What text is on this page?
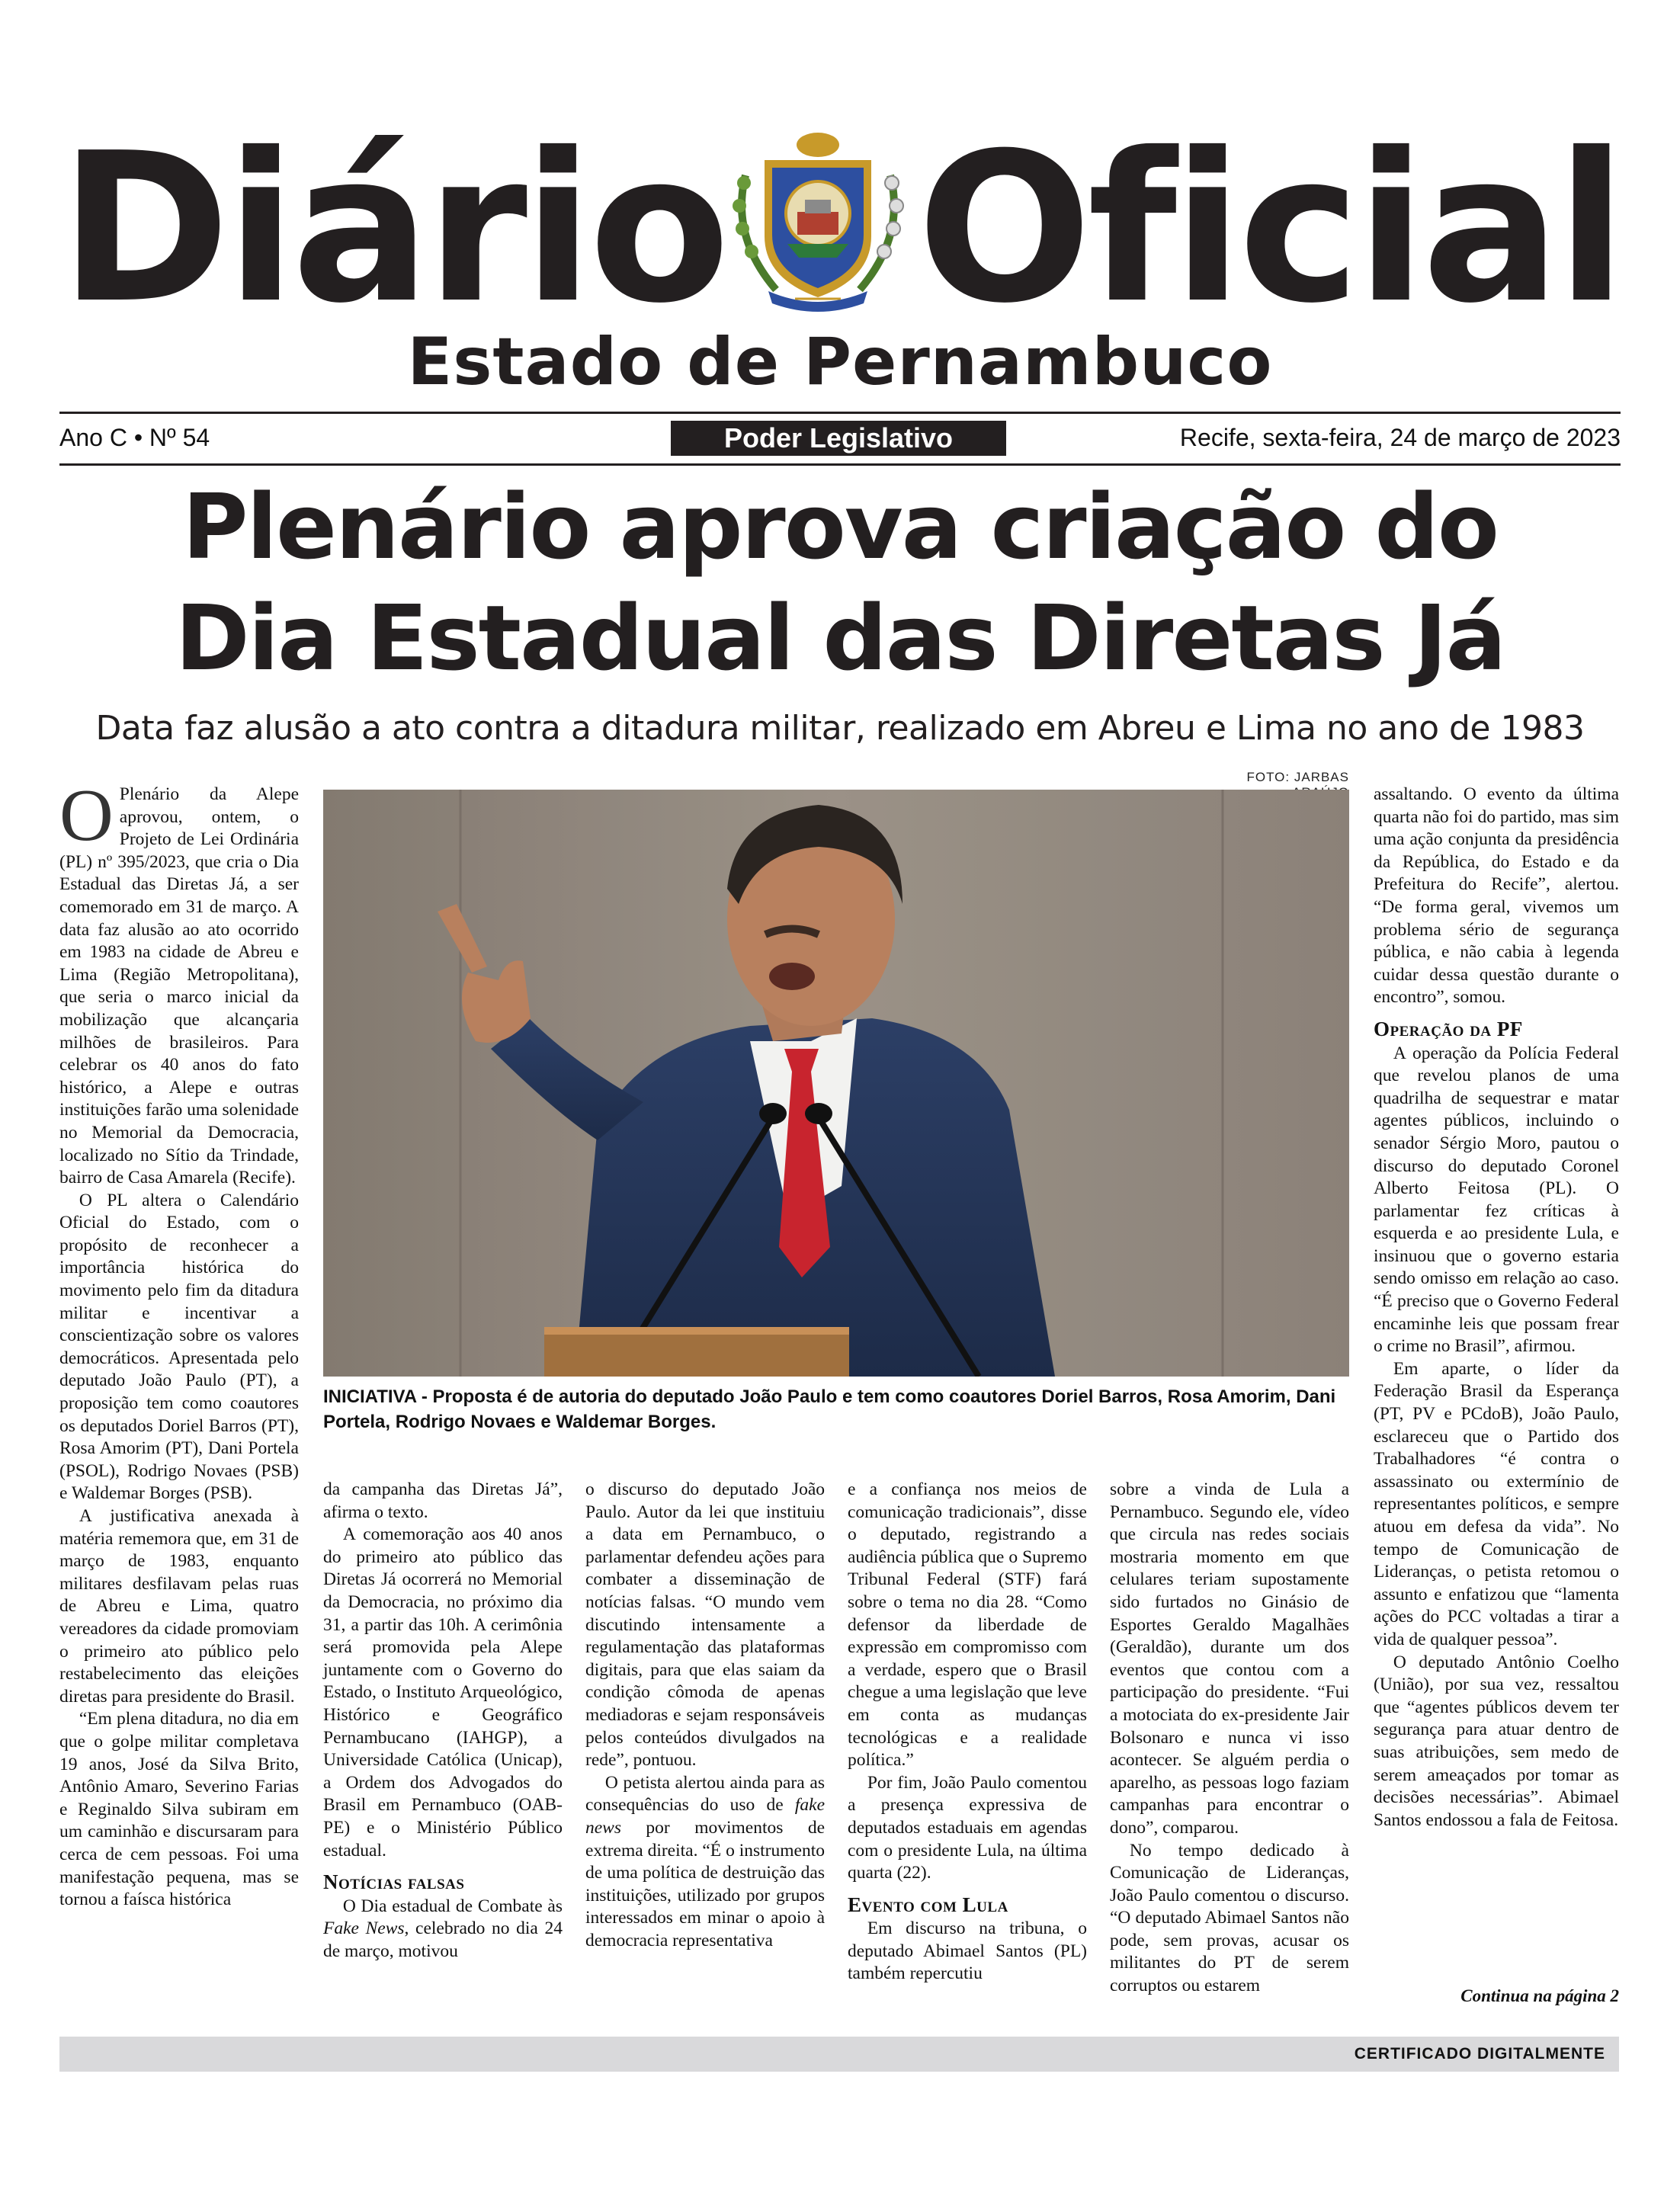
Diário Oficial
Estado de Pernambuco
Ano C • Nº 54	Poder Legislativo	Recife, sexta-feira, 24 de março de 2023
Plenário aprova criação do
Dia Estadual das Diretas Já
Data faz alusão a ato contra a ditadura militar, realizado em Abreu e Lima no ano de 1983
FOTO: JARBAS
INICIATIVA - Proposta é de autoria do deputado João Paulo e tem como coautores Doriel Barros, Rosa Amorim, Dani Portela, Rodrigo Novaes e Waldemar Borges.

O Plenário da Alepe aprovou, ontem, o Projeto de Lei Ordinária (PL) nº 395/2023, que cria o Dia Estadual das Diretas Já, a ser comemorado em 31 de março. A data faz alusão ao ato ocorrido em 1983 na cidade de Abreu e Lima (Região Metropolitana), que seria o marco inicial da mobilização que alcançaria milhões de brasileiros. Para celebrar os 40 anos do fato histórico, a Alepe e outras instituições farão uma solenidade no Memorial da Democracia, localizado no Sítio da Trindade, bairro de Casa Amarela (Recife).

O PL altera o Calendário Oficial do Estado, com o propósito de reconhecer a importância histórica do movimento pelo fim da ditadura militar e incentivar a conscientização sobre os valores democráticos. Apresentada pelo deputado João Paulo (PT), a proposição tem como coautores os deputados Doriel Barros (PT), Rosa Amorim (PT), Dani Portela (PSOL), Rodrigo Novaes (PSB) e Waldemar Borges (PSB).

A justificativa anexada à matéria rememora que, em 31 de março de 1983, enquanto militares desfilavam pelas ruas de Abreu e Lima, quatro vereadores da cidade promoviam o primeiro ato público pelo restabelecimento das eleições diretas para presidente do Brasil.

“Em plena ditadura, no dia em que o golpe militar completava 19 anos, José da Silva Brito, Antônio Amaro, Severino Farias e Reginaldo Silva subiram em um caminhão e discursaram para cerca de cem pessoas. Foi uma manifestação pequena, mas se tornou a faísca histórica

da campanha das Diretas Já”, afirma o texto.

A comemoração aos 40 anos do primeiro ato público das Diretas Já ocorrerá no Memorial da Democracia, no próximo dia 31, a partir das 10h. A cerimônia será promovida pela Alepe juntamente com o Governo do Estado, o Instituto Arqueológico, Histórico e Geográfico Pernambucano (IAHGP), a Universidade Católica (Unicap), a Ordem dos Advogados do Brasil em Pernambuco (OAB-PE) e o Ministério Público estadual.

Notícias falsas

O Dia estadual de Combate às Fake News, celebrado no dia 24 de março, motivou

o discurso do deputado João Paulo. Autor da lei que instituiu a data em Pernambuco, o parlamentar defendeu ações para combater a disseminação de notícias falsas. “O mundo vem discutindo intensamente a regulamentação das plataformas digitais, para que elas saiam da condição cômoda de apenas mediadoras e sejam responsáveis pelos conteúdos divulgados na rede”, pontuou.

O petista alertou ainda para as consequências do uso de fake news por movimentos de extrema direita. “É o instrumento de uma política de destruição das instituições, utilizado por grupos interessados em minar o apoio à democracia representativa

e a confiança nos meios de comunicação tradicionais”, disse o deputado, registrando a audiência pública que o Supremo Tribunal Federal (STF) fará sobre o tema no dia 28. “Como defensor da liberdade de expressão em compromisso com a verdade, espero que o Brasil chegue a uma legislação que leve em conta as mudanças tecnológicas e a realidade política.”

Por fim, João Paulo comentou a presença expressiva de deputados estaduais em agendas com o presidente Lula, na última quarta (22).

Evento com Lula

Em discurso na tribuna, o deputado Abimael Santos (PL) também repercutiu

sobre a vinda de Lula a Pernambuco. Segundo ele, vídeo que circula nas redes sociais mostraria momento em que celulares teriam supostamente sido furtados no Ginásio de Esportes Geraldo Magalhães (Geraldão), durante um dos eventos que contou com a participação do presidente. “Fui a motociata do ex-presidente Jair Bolsonaro e nunca vi isso acontecer. Se alguém perdia o aparelho, as pessoas logo faziam campanhas para encontrar o dono”, comparou.

No tempo dedicado à Comunicação de Lideranças, João Paulo comentou o discurso. “O deputado Abimael Santos não pode, sem provas, acusar os militantes do PT de serem corruptos ou estarem

assaltando. O evento da última quarta não foi do partido, mas sim uma ação conjunta da presidência da República, do Estado e da Prefeitura do Recife”, alertou. “De forma geral, vivemos um problema sério de segurança pública, e não cabia à legenda cuidar dessa questão durante o encontro”, somou.

Operação da PF

A operação da Polícia Federal que revelou planos de uma quadrilha de sequestrar e matar agentes públicos, incluindo o senador Sérgio Moro, pautou o discurso do deputado Coronel Alberto Feitosa (PL). O parlamentar fez críticas à esquerda e ao presidente Lula, e insinuou que o governo estaria sendo omisso em relação ao caso. “É preciso que o Governo Federal encaminhe leis que possam frear o crime no Brasil”, afirmou.

Em aparte, o líder da Federação Brasil da Esperança (PT, PV e PCdoB), João Paulo, esclareceu que o Partido dos Trabalhadores “é contra o assassinato ou extermínio de representantes políticos, e sempre atuou em defesa da vida”. No tempo de Comunicação de Lideranças, o petista retomou o assunto e enfatizou que “lamenta ações do PCC voltadas a tirar a vida de qualquer pessoa”.

O deputado Antônio Coelho (União), por sua vez, ressaltou que “agentes públicos devem ter segurança para atuar dentro de suas atribuições, sem medo de serem ameaçados por tomar as decisões necessárias”. Abimael Santos endossou a fala de Feitosa.

Continua na página 2
CERTIFICADO DIGITALMENTE
